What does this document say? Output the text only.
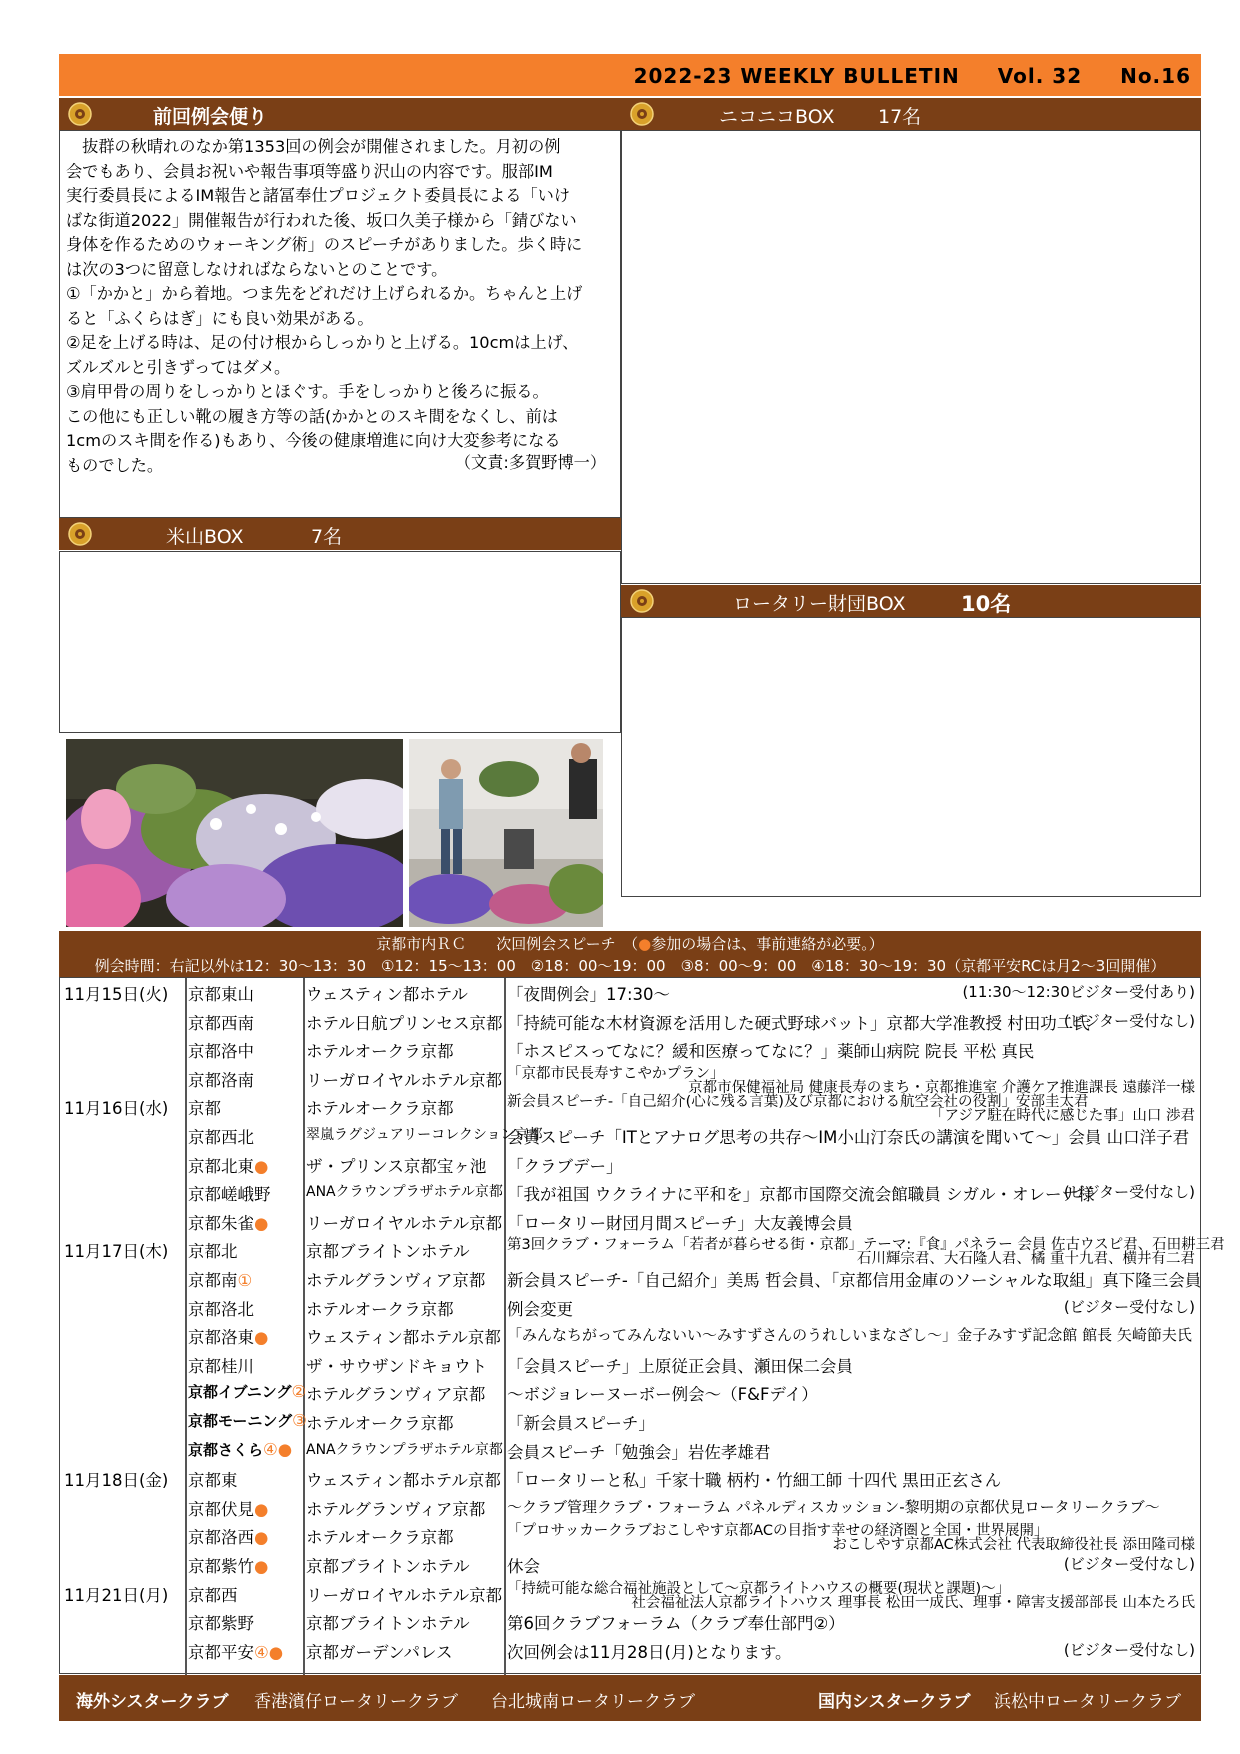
2022-23 WEEKLY BULLETIN Vol. 32 No.16
前回例会便り

　抜群の秋晴れのなか第1353回の例会が開催されました。月初の例

会でもあり、会員お祝いや報告事項等盛り沢山の内容です。服部IM

実行委員長によるIM報告と諸冨奉仕プロジェクト委員長による「いけ

ばな街道2022」開催報告が行われた後、坂口久美子様から「錆びない

身体を作るためのウォーキング術」のスピーチがありました。歩く時に

は次の3つに留意しなければならないとのことです。

①「かかと」から着地。つま先をどれだけ上げられるか。ちゃんと上げ

ると「ふくらはぎ」にも良い効果がある。

②足を上げる時は、足の付け根からしっかりと上げる。10cmは上げ、

ズルズルと引きずってはダメ。

③肩甲骨の周りをしっかりとほぐす。手をしっかりと後ろに振る。

この他にも正しい靴の履き方等の話(かかとのスキ間をなくし、前は

1cmのスキ間を作る)もあり、今後の健康増進に向け大変参考になる

ものでした。	（文責:多賀野博一）
米山BOX	7名
ニコニコBOX 17名
ロータリー財団BOX	10名
京都市内ＲＣ　　次回例会スピーチ　（●参加の場合は、事前連絡が必要。）
例会時間：右記以外は12：30～13：30　①12：15～13：00　②18：00～19：00　③8：00～9：00　④18：30～19：30（京都平安RCは月2～3回開催）
11月15日(火) 京都東山	ウェスティン都ホテル 「夜間例会」17:30～	(11:30～12:30ビジター受付あり)
京都西南	ホテル日航プリンセス京都 「持続可能な木材資源を活用した硬式野球バット」京都大学准教授 村田功二氏
(ビジター受付なし)
京都洛中	ホテルオークラ京都	「ホスピスってなに？緩和医療ってなに？」薬師山病院 院長 平松 真民
京都洛南	リーガロイヤルホテル京都 「京都市民長寿すこやかプラン」
京都市保健福祉局 健康長寿のまち・京都推進室 介護ケア推進課長 遠藤洋一様
11月16日(水) 京都	ホテルオークラ京都	新会員スピーチ-「自己紹介(心に残る言葉)及び京都における航空会社の役割」安部圭太君
「アジア駐在時代に感じた事」山口 渉君
京都西北	翠嵐ラグジュアリーコレクション京都
会員スピーチ「ITとアナログ思考の共存～IM小山汀奈氏の講演を聞いて～」会員 山口洋子君
京都北東● ザ・プリンス京都宝ヶ池 「クラブデー」
京都嵯峨野	ANAクラウンプラザホテル京都 「我が祖国 ウクライナに平和を」京都市国際交流会館職員 シガル・オレーナ様
(ビジター受付なし)
京都朱雀● リーガロイヤルホテル京都 「ロータリー財団月間スピーチ」大友義博会員
11月17日(木) 京都北	京都ブライトンホテル	第3回クラブ・フォーラム「若者が暮らせる街・京都」テーマ:『食』パネラー 会員 佐古ウスピ君、石田耕三君
石川輝宗君、大石隆人君、橘 重十九君、横井有二君
京都南①	ホテルグランヴィア京都 新会員スピーチ-「自己紹介」美馬 哲会員、「京都信用金庫のソーシャルな取組」真下隆三会員
京都洛北	ホテルオークラ京都	例会変更	(ビジター受付なし)
京都洛東● ウェスティン都ホテル京都 「みんなちがってみんないい～みすずさんのうれしいまなざし～」金子みすず記念館 館長 矢崎節夫氏
京都桂川	ザ・サウザンドキョウト 「会員スピーチ」上原従正会員、瀬田保二会員
京都イブニング② ホテルグランヴィア京都 ～ボジョレーヌーボー例会～（F&Fデイ）
京都モーニング③ ホテルオークラ京都	「新会員スピーチ」
京都さくら④● ANAクラウンプラザホテル京都 会員スピーチ「勉強会」岩佐孝雄君
11月18日(金) 京都東	ウェスティン都ホテル京都 「ロータリーと私」千家十職 柄杓・竹細工師 十四代 黒田正玄さん
京都伏見● ホテルグランヴィア京都 ～クラブ管理クラブ・フォーラム パネルディスカッション-黎明期の京都伏見ロータリークラブ～
京都洛西● ホテルオークラ京都	「プロサッカークラブおこしやす京都ACの目指す幸せの経済圏と全国・世界展開」
おこしやす京都AC株式会社 代表取締役社長 添田隆司様
京都紫竹● 京都ブライトンホテル 休会	(ビジター受付なし)
11月21日(月) 京都西	リーガロイヤルホテル京都 「持続可能な総合福祉施設として～京都ライトハウスの概要(現状と課題)～」
社会福祉法人京都ライトハウス 理事長 松田一成氏、理事・障害支援部部長 山本たろ氏
京都紫野	京都ブライトンホテル 第6回クラブフォーラム（クラブ奉仕部門②）
京都平安④● 京都ガーデンパレス	次回例会は11月28日(月)となります。	(ビジター受付なし)
海外シスタークラブ 香港濱仔ロータリークラブ 台北城南ロータリークラブ	国内シスタークラブ 浜松中ロータリークラブ
